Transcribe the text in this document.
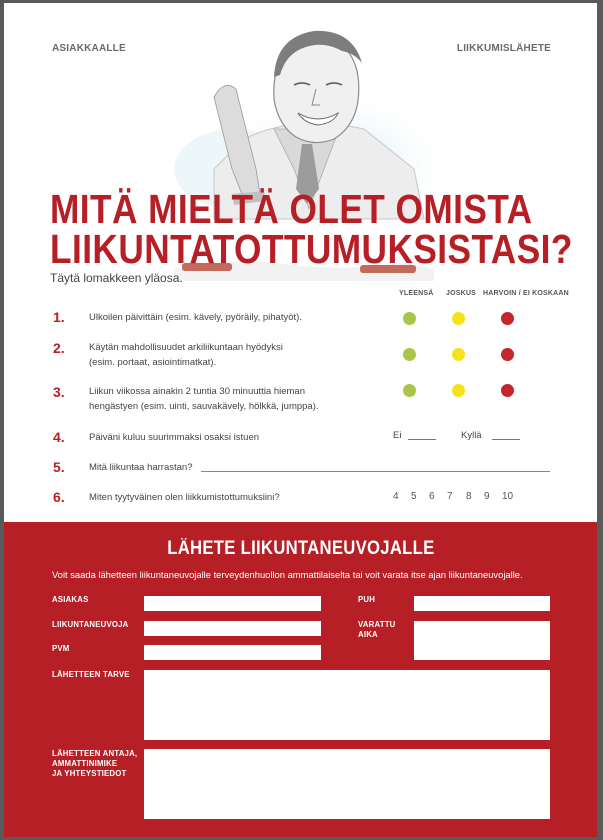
ASIAKKAALLE	LIIKKUMISLÄHETE
MITÄ MIELTÄ OLET OMISTA
LIIKUNTATOTTUMUKSISTASI?
Täytä lomakkeen yläosa.
YLEENSÄ JOSKUS HARVOIN / EI KOSKAAN
1.	Ulkoilen päivittäin (esim. kävely, pyöräily, pihatyöt).
2.	Käytän mahdollisuudet arkiliikuntaan hyödyksi
(esim. portaat, asiointimatkat).
3.	Liikun viikossa ainakin 2 tuntia 30 minuuttia hieman
hengästyen (esim. uinti, sauvakävely, hölkkä, jumppa).
4.	Päiväni kuluu suurimmaksi osaksi istuen	Ei	Kyllä
5.	Mitä liikuntaa harrastan?
6.	Miten tyytyväinen olen liikkumistottumuksiini?	4 5 6 7 8 9 10
LÄHETE LIIKUNTANEUVOJALLE
Voit saada lähetteen liikuntaneuvojalle terveydenhuollon ammattilaiselta tai voit varata itse ajan liikuntaneuvojalle.
ASIAKAS	PUH
LIIKUNTANEUVOJA	VARATTU
AIKA
PVM
LÄHETTEEN TARVE
LÄHETTEEN ANTAJA,
AMMATTINIMIKE
JA YHTEYSTIEDOT
